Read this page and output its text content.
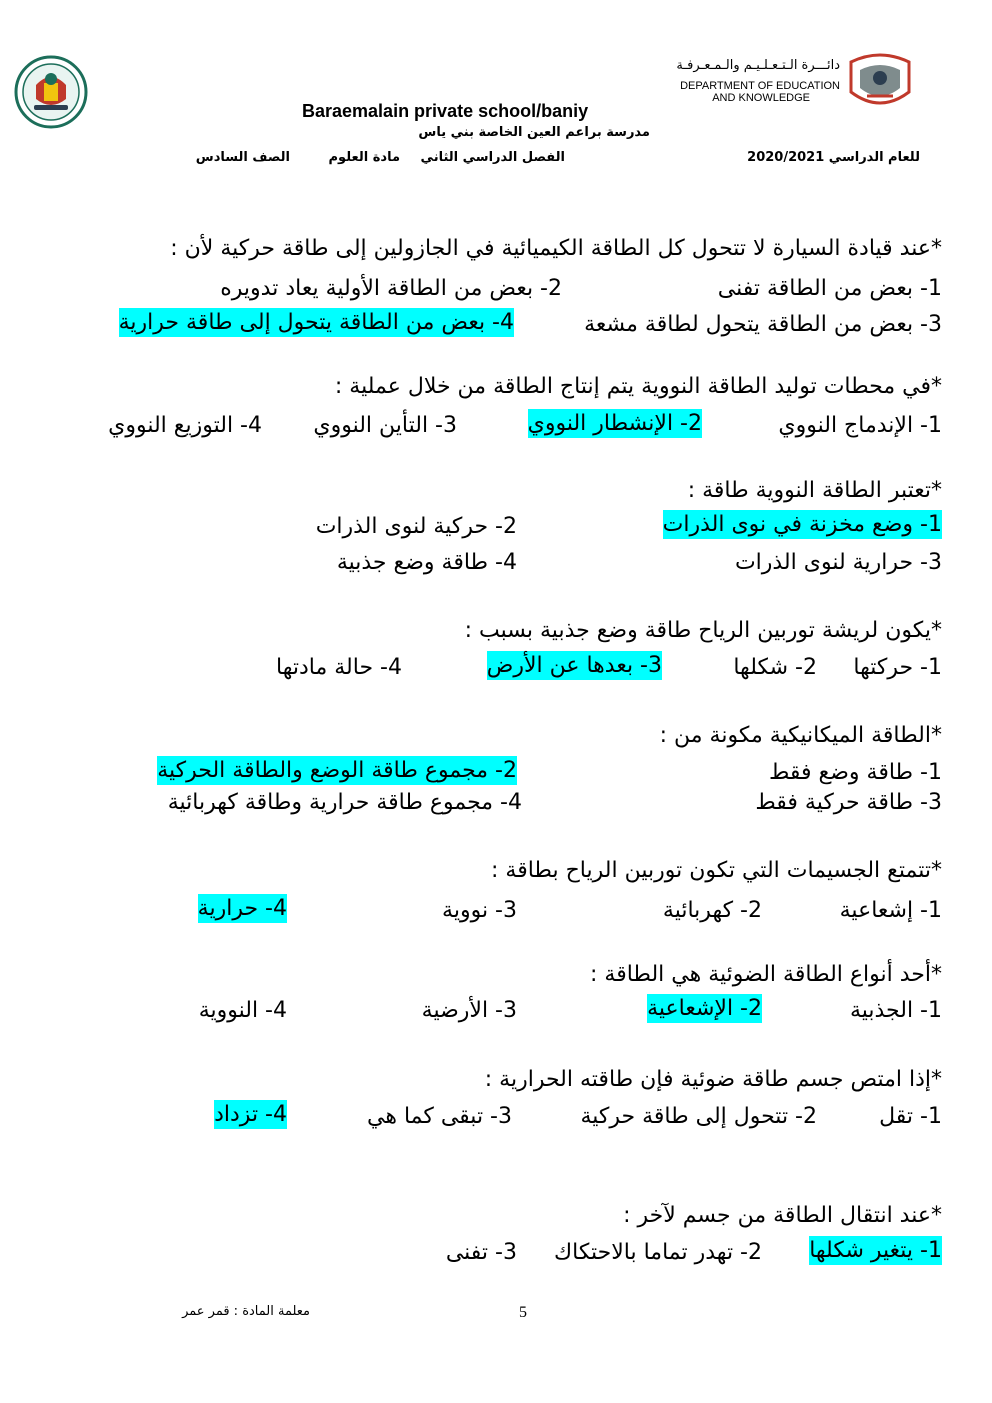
دائـــرة الـتـعـلـيـم والـمـعـرفـة
DEPARTMENT OF EDUCATION
AND KNOWLEDGE
Baraemalain private school/baniy
مدرسة براعم العين الخاصة بني ياس
للعام الدراسي 2020/2021
الفصل الدراسي الثاني
مادة العلوم
الصف السادس
*عند قيادة السيارة لا تتحول كل الطاقة الكيميائية في الجازولين إلى طاقة حركية لأن :
1- بعض من الطاقة تفنى
2- بعض من الطاقة الأولية يعاد تدويره
3- بعض من الطاقة يتحول لطاقة مشعة
4- بعض من الطاقة يتحول إلى طاقة حرارية
*في محطات توليد الطاقة النووية يتم إنتاج الطاقة من خلال عملية :
1- الإندماج النووي
2- الإنشطار النووي
3- التأين النووي
4- التوزيع النووي
*تعتبر الطاقة النووية طاقة :
1- وضع مخزنة في نوى الذرات
2- حركية لنوى الذرات
3- حرارية لنوى الذرات
4- طاقة وضع جذبية
*يكون لريشة توربين الرياح طاقة وضع جذبية بسبب :
1- حركتها
2- شكلها
3- بعدها عن الأرض
4- حالة مادتها
*الطاقة الميكانيكية مكونة من :
1- طاقة وضع فقط
2- مجموع طاقة الوضع والطاقة الحركية
3- طاقة حركية فقط
4- مجموع طاقة حرارية وطاقة كهربائية
*تتمتع الجسيمات التي تكون توربين الرياح بطاقة :
1- إشعاعية
2- كهربائية
3- نووية
4- حرارية
*أحد أنواع الطاقة الضوئية هي الطاقة :
1- الجذبية
2- الإشعاعية
3- الأرضية
4- النووية
*إذا امتص جسم طاقة ضوئية فإن طاقته الحرارية :
1- تقل
2- تتحول إلى طاقة حركية
3- تبقى كما هي
4- تزداد
*عند انتقال الطاقة من جسم لآخر :
1- يتغير شكلها
2- تهدر تماما بالاحتكاك
3- تفنى
5
معلمة المادة : قمر عمر
